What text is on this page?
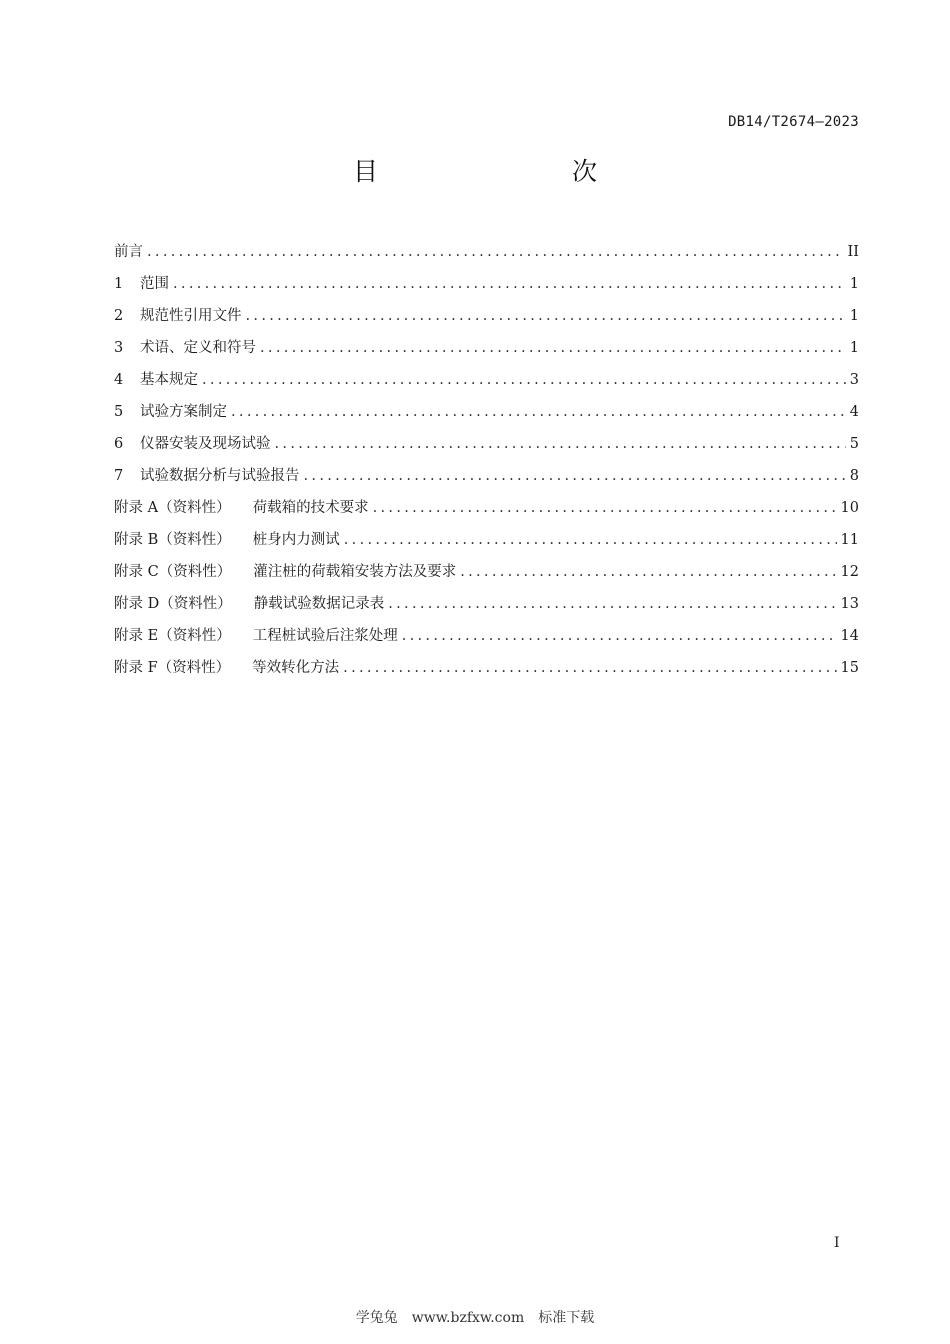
DB14/T2674—2023
目　　次
前言 .....	II
1	范围 .....	1
2	规范性引用文件 .....	1
3	术语、定义和符号 .....	1
4	基本规定 .....	3
5	试验方案制定 .....	4
6	仪器安装及现场试验 .....	5
7	试验数据分析与试验报告 .....	8
附录 A（资料性） 荷载箱的技术要求 .....	10
附录 B（资料性） 桩身内力测试 .....	11
附录 C（资料性） 灌注桩的荷载箱安装方法及要求 .....	12
附录 D（资料性） 静载试验数据记录表 .....	13
附录 E（资料性） 工程桩试验后注浆处理 .....	14
附录 F（资料性） 等效转化方法 .....	15
I
学兔兔　www.bzfxw.com　标准下载
